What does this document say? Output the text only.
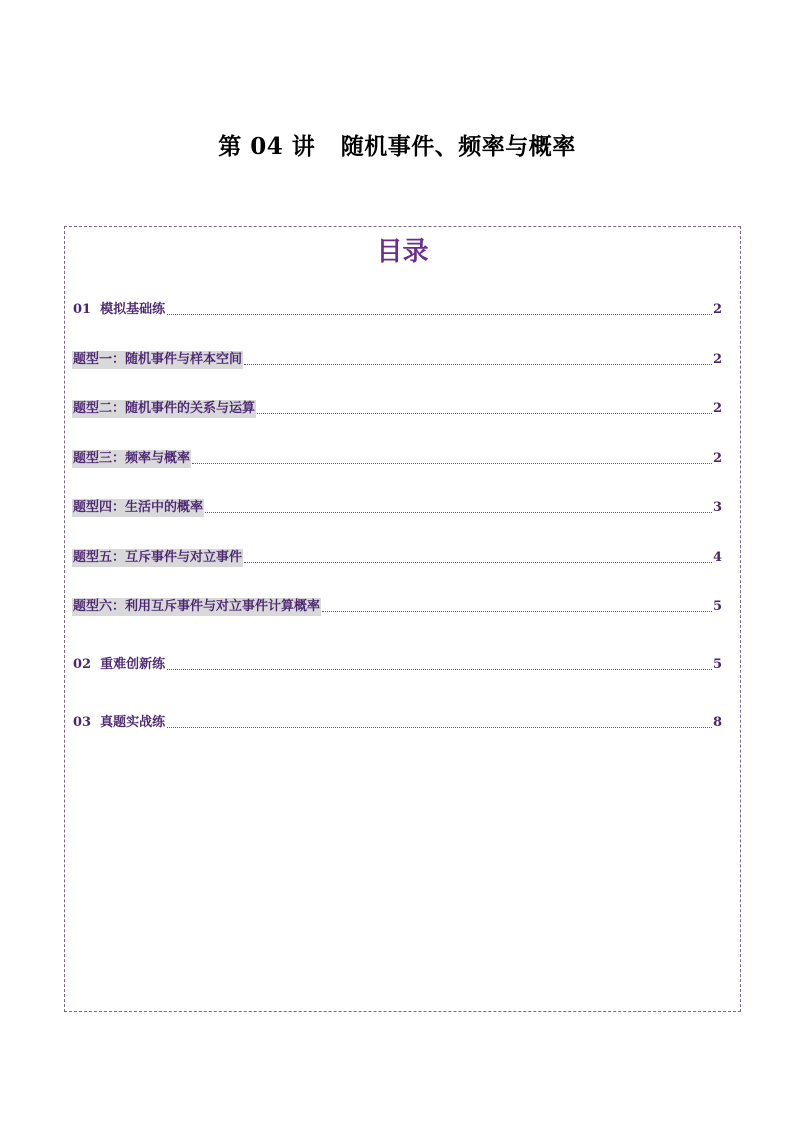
第 04 讲   随机事件、频率与概率
目录
01  模拟基础练	2
题型一：随机事件与样本空间	2
题型二：随机事件的关系与运算	2
题型三：频率与概率	2
题型四：生活中的概率	3
题型五：互斥事件与对立事件	4
题型六：利用互斥事件与对立事件计算概率	5
02  重难创新练	5
03  真题实战练	8
